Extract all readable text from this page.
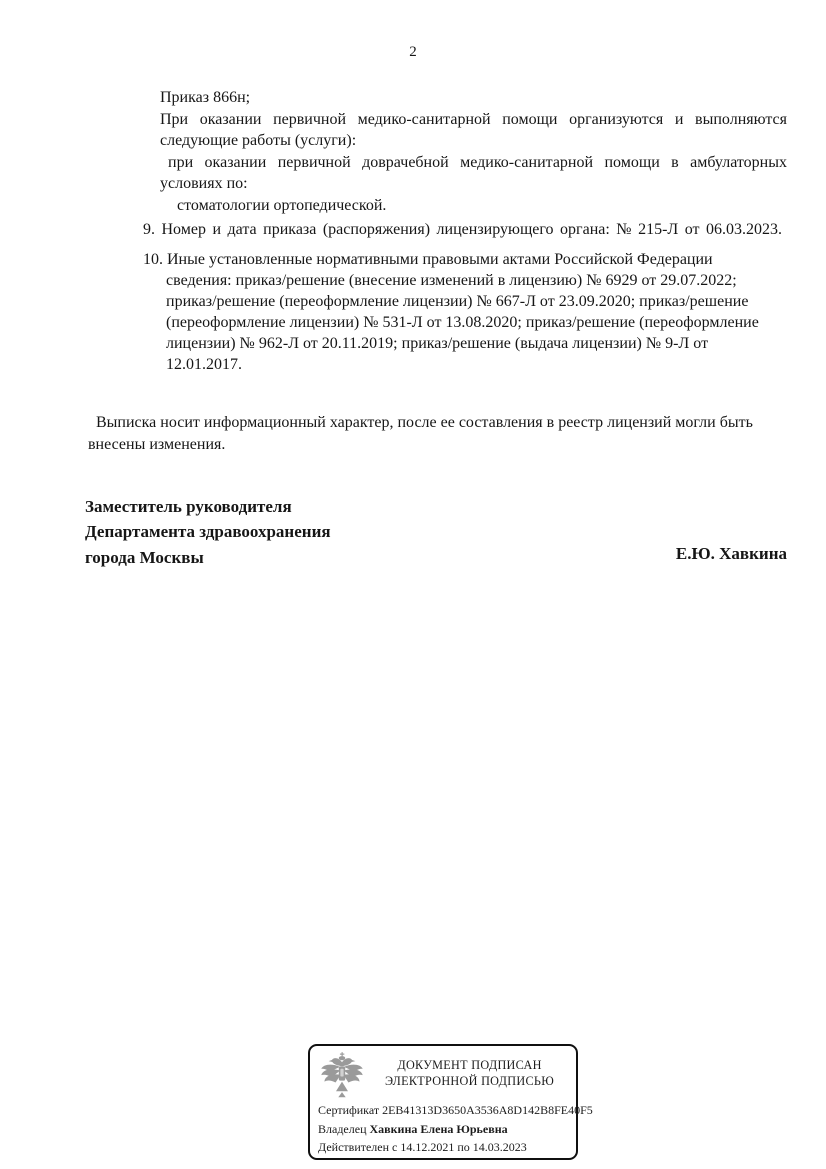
2
Приказ 866н;
При оказании первичной медико-санитарной помощи организуются и выполняются
следующие работы (услуги):
при оказании первичной доврачебной медико-санитарной помощи в амбулаторных
условиях по:
стоматологии ортопедической.
9. Номер и дата приказа (распоряжения) лицензирующего органа: № 215-Л от 06.03.2023.
10. Иные установленные нормативными правовыми актами Российской Федерации
сведения: приказ/решение (внесение изменений в лицензию) № 6929 от 29.07.2022;
приказ/решение (переоформление лицензии) № 667-Л от 23.09.2020; приказ/решение
(переоформление лицензии) № 531-Л от 13.08.2020; приказ/решение (переоформление
лицензии) № 962-Л от 20.11.2019; приказ/решение (выдача лицензии) № 9-Л от
12.01.2017.
Выписка носит информационный характер, после ее составления в реестр лицензий могли быть
внесены изменения.
Заместитель руководителя
Департамента здравоохранения
города Москвы	Е.Ю. Хавкина
ДОКУМЕНТ ПОДПИСАН
ЭЛЕКТРОННОЙ ПОДПИСЬЮ
Сертификат 2EB41313D3650A3536A8D142B8FE40F5
Владелец Хавкина Елена Юрьевна
Действителен с 14.12.2021 по 14.03.2023
